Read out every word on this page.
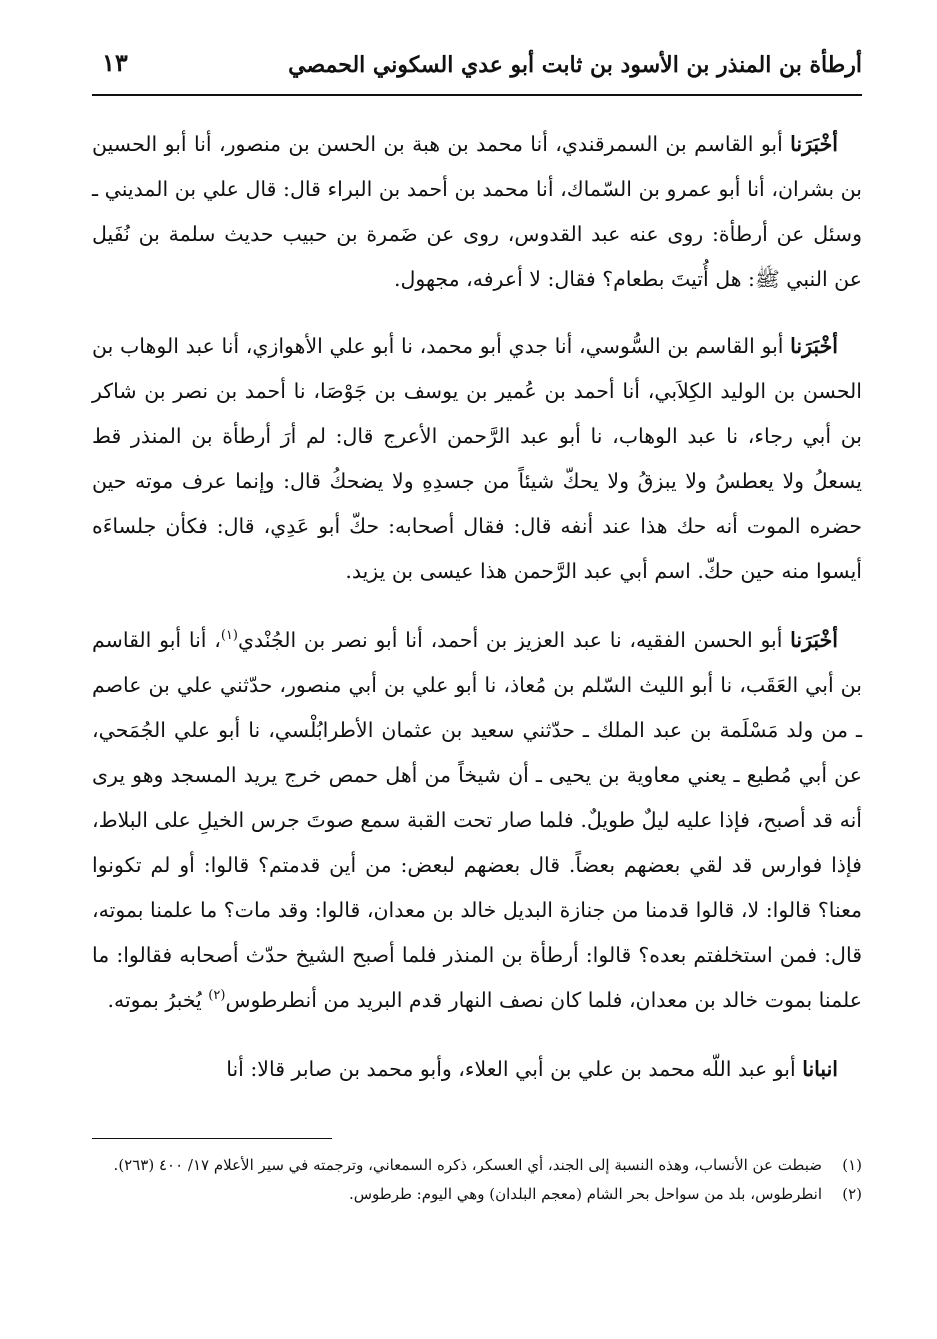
أرطأة بن المنذر بن الأسود بن ثابت أبو عدي السكوني الحمصي
١٣

أخْبَرَنا أبو القاسم بن السمرقندي، أنا محمد بن هبة بن الحسن بن منصور، أنا أبو الحسين بن بشران، أنا أبو عمرو بن السّماك، أنا محمد بن أحمد بن البراء قال: قال علي بن المديني ـ وسئل عن أرطأة: روى عنه عبد القدوس، روى عن ضَمرة بن حبيب حديث سلمة بن نُفَيل عن النبي ﷺ: هل أُتيتَ بطعام؟ فقال: لا أعرفه، مجهول.

أخْبَرَنا أبو القاسم بن السُّوسي، أنا جدي أبو محمد، نا أبو علي الأهوازي، أنا عبد الوهاب بن الحسن بن الوليد الكِلاَبي، أنا أحمد بن عُمير بن يوسف بن جَوْصَا، نا أحمد بن نصر بن شاكر بن أبي رجاء، نا عبد الوهاب، نا أبو عبد الرَّحمن الأعرج قال: لم أرَ أرطأة بن المنذر قط يسعلُ ولا يعطسُ ولا يبزقُ ولا يحكّ شيئاً من جسدِهِ ولا يضحكُ قال: وإنما عرف موته حين حضره الموت أنه حك هذا عند أنفه قال: فقال أصحابه: حكّ أبو عَدِي، قال: فكأن جلساءَه أيسوا منه حين حكّ. اسم أبي عبد الرَّحمن هذا عيسى بن يزيد.

أخْبَرَنا أبو الحسن الفقيه، نا عبد العزيز بن أحمد، أنا أبو نصر بن الجُنْدي$^{(١)}$، أنا أبو القاسم بن أبي العَقَب، نا أبو الليث السّلم بن مُعاذ، نا أبو علي بن أبي منصور، حدّثني علي بن عاصم ـ من ولد مَسْلَمة بن عبد الملك ـ حدّثني سعيد بن عثمان الأطرابُلْسي، نا أبو علي الجُمَحي، عن أبي مُطيع ـ يعني معاوية بن يحيى ـ أن شيخاً من أهل حمص خرج يريد المسجد وهو يرى أنه قد أصبح، فإذا عليه ليلٌ طويلٌ. فلما صار تحت القبة سمع صوتَ جرس الخيلِ على البلاط، فإذا فوارس قد لقي بعضهم بعضاً. قال بعضهم لبعض: من أين قدمتم؟ قالوا: أو لم تكونوا معنا؟ قالوا: لا، قالوا قدمنا من جنازة البديل خالد بن معدان، قالوا: وقد مات؟ ما علمنا بموته، قال: فمن استخلفتم بعده؟ قالوا: أرطأة بن المنذر فلما أصبح الشيخ حدّث أصحابه فقالوا: ما علمنا بموت خالد بن معدان، فلما كان نصف النهار قدم البريد من أنطرطوس$^{(٢)}$ يُخبرُ بموته.

انبانا أبو عبد اللّه محمد بن علي بن أبي العلاء، وأبو محمد بن صابر قالا: أنا

(١)
ضبطت عن الأنساب، وهذه النسبة إلى الجند، أي العسكر، ذكره السمعاني، وترجمته في سير الأعلام ١٧/ ٤٠٠ (٢٦٣).
(٢)
انطرطوس، بلد من سواحل بحر الشام (معجم البلدان) وهي اليوم: طرطوس.
